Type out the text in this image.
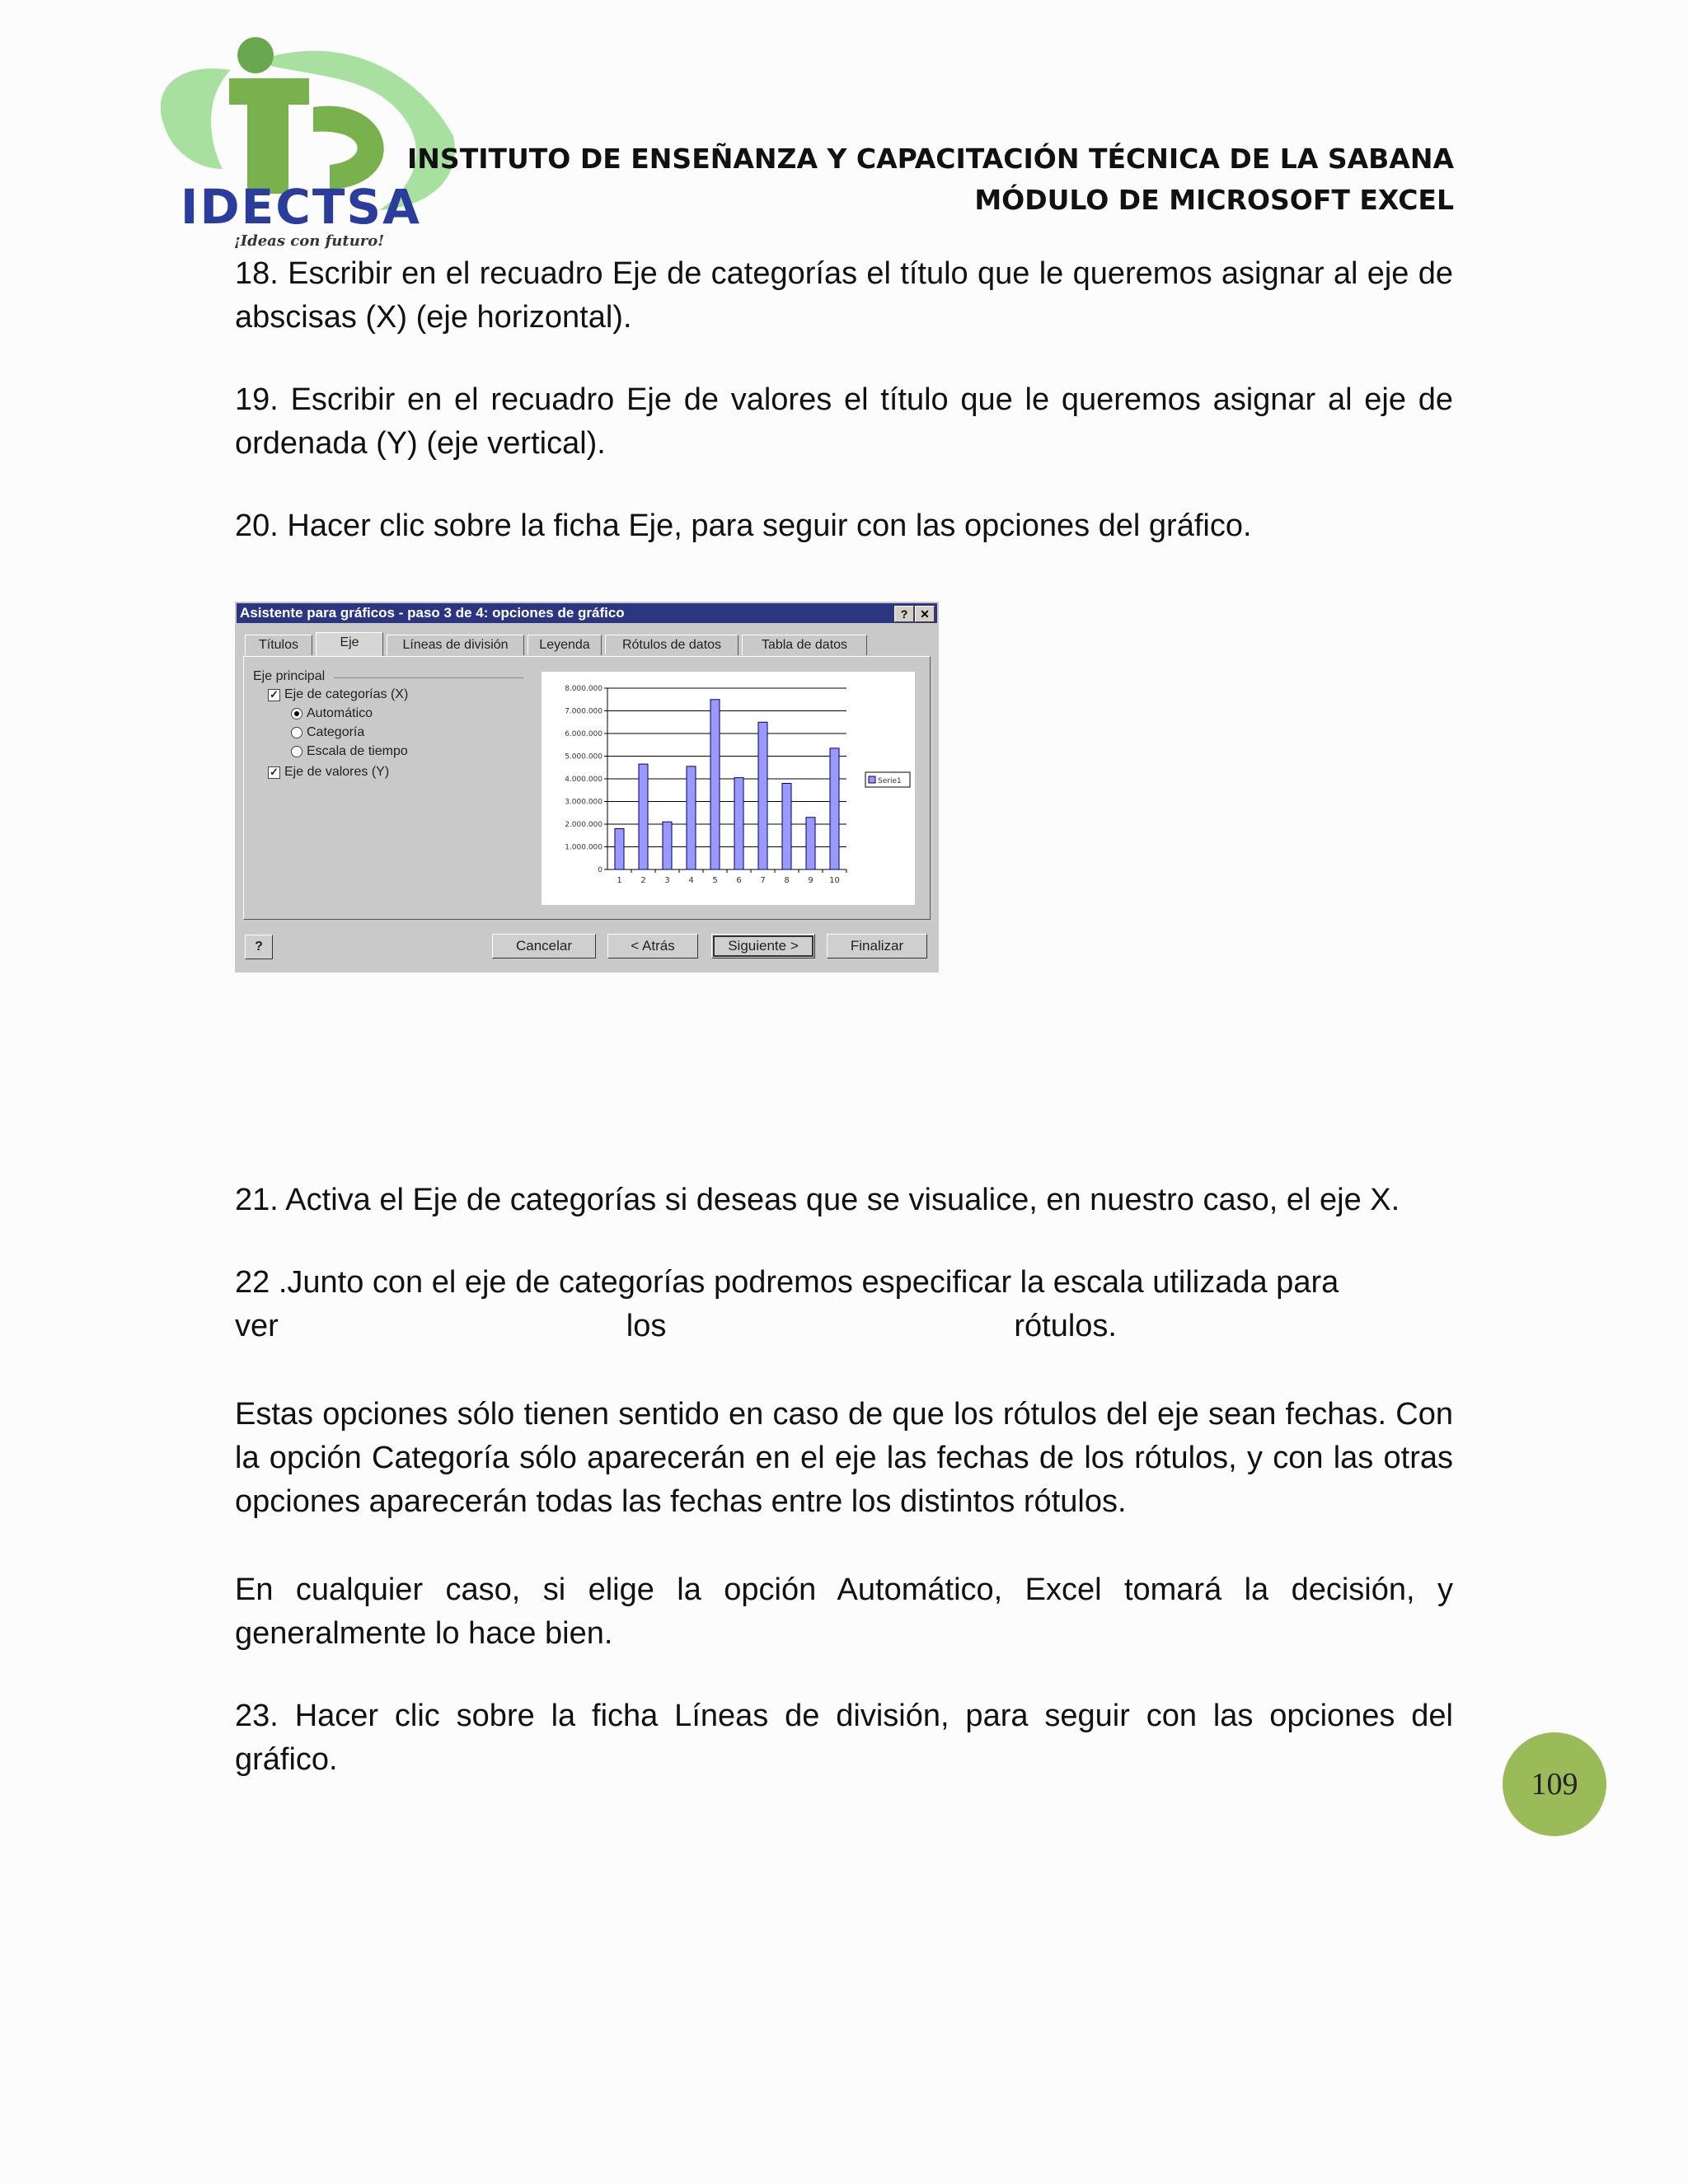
IDECTSA
¡Ideas con futuro!
INSTITUTO DE ENSEÑANZA Y CAPACITACIÓN TÉCNICA DE LA SABANA
MÓDULO DE MICROSOFT EXCEL

18. Escribir en el recuadro Eje de categorías el título que le queremos asignar al eje de abscisas (X) (eje horizontal).

19. Escribir en el recuadro Eje de valores el título que le queremos asignar al eje de ordenada (Y) (eje vertical).

20. Hacer clic sobre la ficha Eje, para seguir con las opciones del gráfico.

Asistente para gráficos - paso 3 de 4: opciones de gráfico	?	✕
Títulos	Eje	Líneas de división	Leyenda	Rótulos de datos	Tabla de datos
Eje principal
✓ Eje de categorías (X)
Automático
Categoría
Escala de tiempo
✓ Eje de valores (Y)
0
1.000.000
2.000.000
3.000.000
4.000.000
5.000.000
6.000.000
7.000.000
8.000.000
1 2 3 4 5 6 7 8 9 10
Serie1
?	Cancelar	< Atrás	Siguiente >	Finalizar

21. Activa el Eje de categorías si deseas que se visualice, en nuestro caso, el eje X.

22 .Junto con el eje de categorías podremos especificar la escala utilizada para

ver	los	rótulos.

Estas opciones sólo tienen sentido en caso de que los rótulos del eje sean fechas. Con la opción Categoría sólo aparecerán en el eje las fechas de los rótulos, y con las otras opciones aparecerán todas las fechas entre los distintos rótulos.

En cualquier caso, si elige la opción Automático, Excel tomará la decisión, y generalmente lo hace bien.

23. Hacer clic sobre la ficha Líneas de división, para seguir con las opciones del gráfico.

109
